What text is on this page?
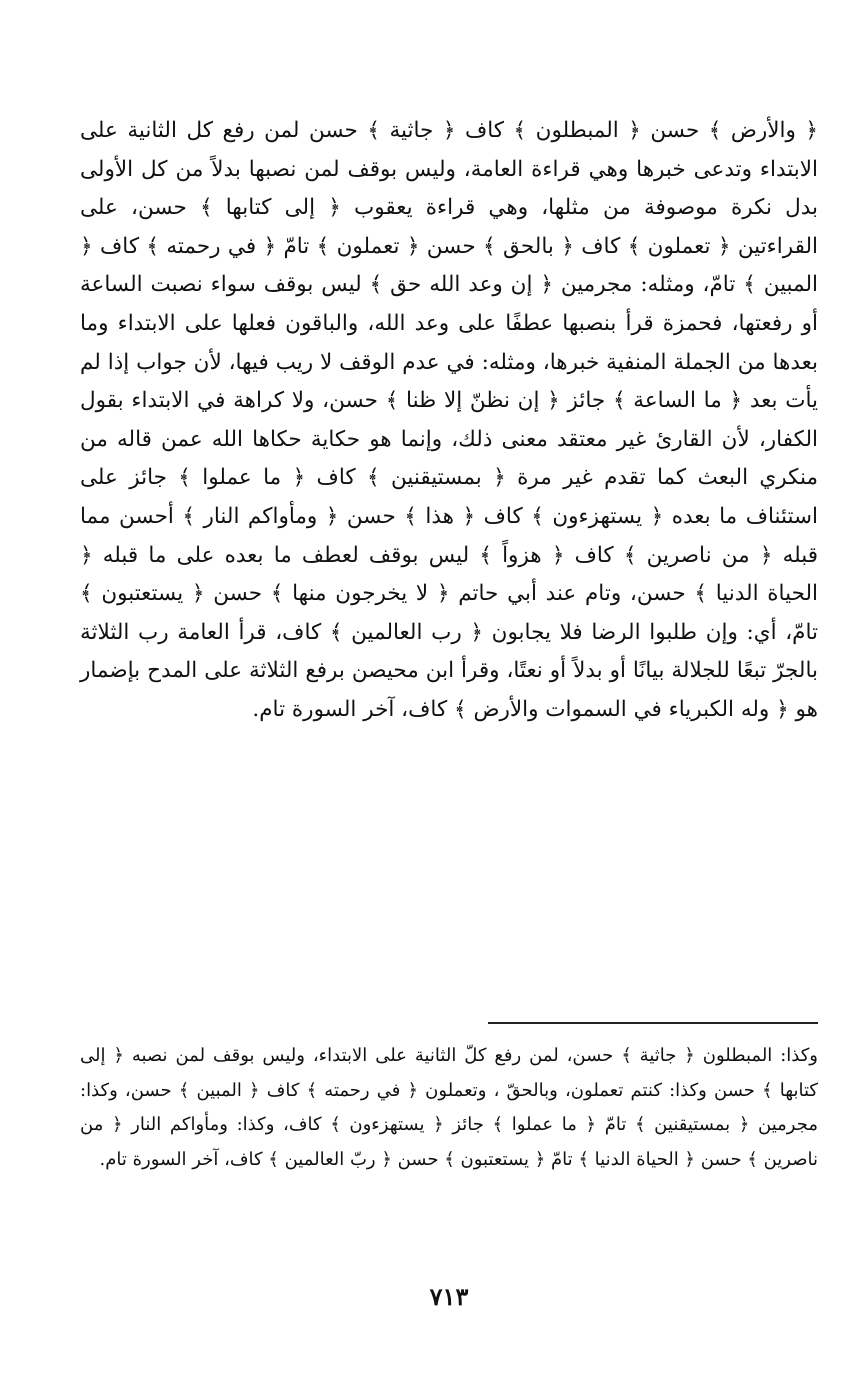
﴿ والأرض ﴾ حسن ﴿ المبطلون ﴾ كاف ﴿ جاثية ﴾ حسن لمن رفع كل الثانية على الابتداء وتدعى خبرها وهي قراءة العامة، وليس بوقف لمن نصبها بدلاً من كل الأولى بدل نكرة موصوفة من مثلها، وهي قراءة يعقوب ﴿ إلى كتابها ﴾ حسن، على القراءتين ﴿ تعملون ﴾ كاف ﴿ بالحق ﴾ حسن ﴿ تعملون ﴾ تامّ ﴿ في رحمته ﴾ كاف ﴿ المبين ﴾ تامّ، ومثله: مجرمين ﴿ إن وعد الله حق ﴾ ليس بوقف سواء نصبت الساعة أو رفعتها، فحمزة قرأ بنصبها عطفًا على وعد الله، والباقون فعلها على الابتداء وما بعدها من الجملة المنفية خبرها، ومثله: في عدم الوقف لا ريب فيها، لأن جواب إذا لم يأت بعد ﴿ ما الساعة ﴾ جائز ﴿ إن نظنّ إلا ظنا ﴾ حسن، ولا كراهة في الابتداء بقول الكفار، لأن القارئ غير معتقد معنى ذلك، وإنما هو حكاية حكاها الله عمن قاله من منكري البعث كما تقدم غير مرة ﴿ بمستيقنين ﴾ كاف ﴿ ما عملوا ﴾ جائز على استئناف ما بعده ﴿ يستهزءون ﴾ كاف ﴿ هذا ﴾ حسن ﴿ ومأواكم النار ﴾ أحسن مما قبله ﴿ من ناصرين ﴾ كاف ﴿ هزواً ﴾ ليس بوقف لعطف ما بعده على ما قبله ﴿ الحياة الدنيا ﴾ حسن، وتام عند أبي حاتم ﴿ لا يخرجون منها ﴾ حسن ﴿ يستعتبون ﴾ تامّ، أي: وإن طلبوا الرضا فلا يجابون ﴿ رب العالمين ﴾ كاف، قرأ العامة رب الثلاثة بالجرّ تبعًا للجلالة بيانًا أو بدلاً أو نعتًا، وقرأ ابن محيصن برفع الثلاثة على المدح بإضمار هو ﴿ وله الكبرياء في السموات والأرض ﴾ كاف، آخر السورة تام.

وكذا: المبطلون ﴿ جاثية ﴾ حسن، لمن رفع كلّ الثانية على الابتداء، وليس بوقف لمن نصبه ﴿ إلى كتابها ﴾ حسن وكذا: كنتم تعملون، وبالحقّ ، وتعملون ﴿ في رحمته ﴾ كاف ﴿ المبين ﴾ حسن، وكذا: مجرمين ﴿ بمستيقنين ﴾ تامّ ﴿ ما عملوا ﴾ جائز ﴿ يستهزءون ﴾ كاف، وكذا: ومأواكم النار ﴿ من ناصرين ﴾ حسن ﴿ الحياة الدنيا ﴾ تامّ ﴿ يستعتبون ﴾ حسن ﴿ ربّ العالمين ﴾ كاف، آخر السورة تام.

٧١٣
